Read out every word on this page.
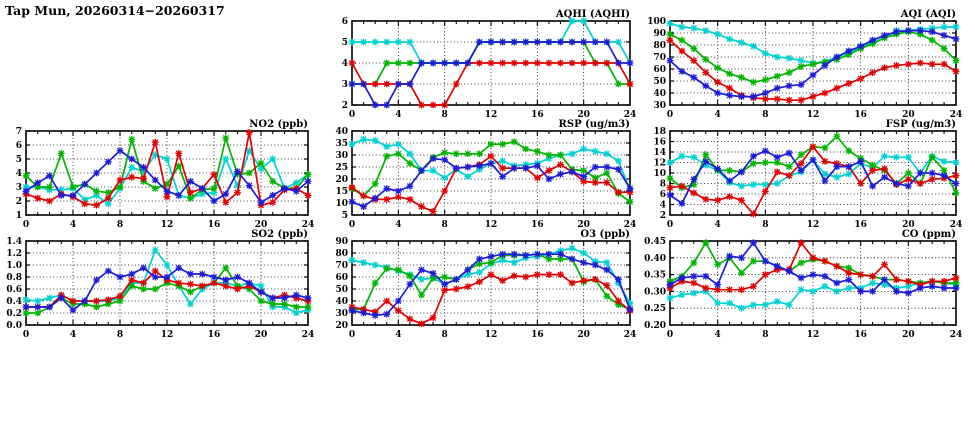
Tap Mun, 20260314−20260317	AQHI (AQHI)
2
3
4
5
6
0	4	8	12	16	20	24
AQI (AQI)
30
40
50
60
70
80
90
100
0	4	8	12	16	20	24
NO2 (ppb)
1
2
3
4
5
6
7
0	4	8	12	16	20	24
RSP (ug/m3)
5
10
15
20
25
30
35
40
0	4	8	12	16	20	24
FSP (ug/m3)
2
4
6
8
10
12
14
16
18
0	4	8	12	16	20	24
SO2 (ppb)
0.0
0.2
0.4
0.6
0.8
1.0
1.2
1.4
0	4	8	12	16	20	24
O3 (ppb)
20
30
40
50
60
70
80
90
0	4	8	12	16	20	24
CO (ppm)
0.20
0.25
0.30
0.35
0.40
0.45
0	4	8	12	16	20	24
